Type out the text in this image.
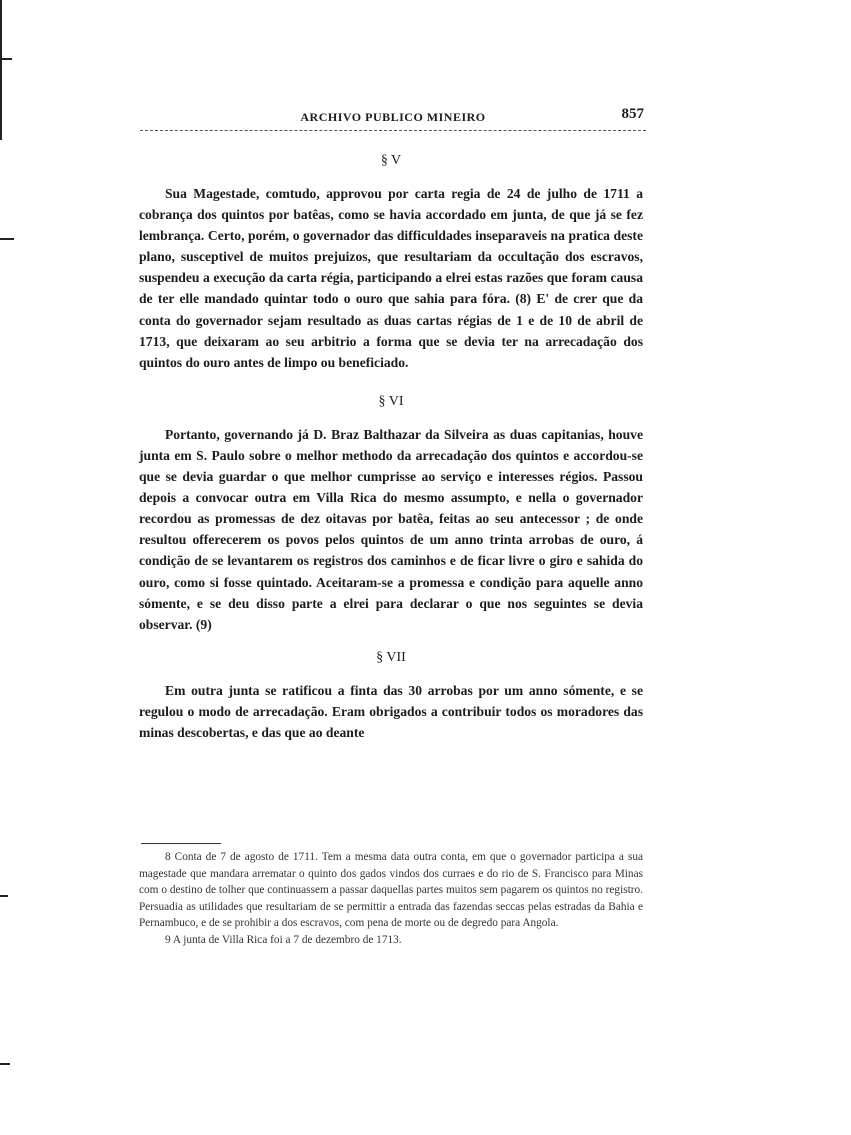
ARCHIVO PUBLICO MINEIRO	857
§ V

Sua Magestade, comtudo, approvou por carta regia de 24 de julho de 1711 a cobrança dos quintos por batêas, como se havia accordado em junta, de que já se fez lembrança. Certo, porém, o governador das difficuldades inseparaveis na pratica deste plano, susceptivel de muitos prejuizos, que resultariam da occultação dos escravos, suspendeu a execução da carta régia, participando a elrei estas razões que foram causa de ter elle mandado quintar todo o ouro que sahia para fóra. (8) E' de crer que da conta do governador sejam resultado as duas cartas régias de 1 e de 10 de abril de 1713, que deixaram ao seu arbitrio a forma que se devia ter na arrecadação dos quintos do ouro antes de limpo ou beneficiado.

§ VI

Portanto, governando já D. Braz Balthazar da Silveira as duas capitanias, houve junta em S. Paulo sobre o melhor methodo da arrecadação dos quintos e accordou-se que se devia guardar o que melhor cumprisse ao serviço e interesses régios. Passou depois a convocar outra em Villa Rica do mesmo assumpto, e nella o governador recordou as promessas de dez oitavas por batêa, feitas ao seu antecessor ; de onde resultou offerecerem os povos pelos quintos de um anno trinta arrobas de ouro, á condição de se levantarem os registros dos caminhos e de ficar livre o giro e sahida do ouro, como si fosse quintado. Aceitaram-se a promessa e condição para aquelle anno sómente, e se deu disso parte a elrei para declarar o que nos seguintes se devia observar. (9)

§ VII

Em outra junta se ratificou a finta das 30 arrobas por um anno sómente, e se regulou o modo de arrecadação. Eram obrigados a contribuir todos os moradores das minas descobertas, e das que ao deante

8 Conta de 7 de agosto de 1711. Tem a mesma data outra conta, em que o governador participa a sua magestade que mandara arrematar o quinto dos gados vindos dos curraes e do rio de S. Francisco para Minas com o destino de tolher que continuassem a passar daquellas partes muitos sem pagarem os quintos no registro. Persuadia as utilidades que resultariam de se permittir a entrada das fazendas seccas pelas estradas da Bahia e Pernambuco, e de se prohibir a dos escravos, com pena de morte ou de degredo para Angola.

9 A junta de Villa Rica foi a 7 de dezembro de 1713.
